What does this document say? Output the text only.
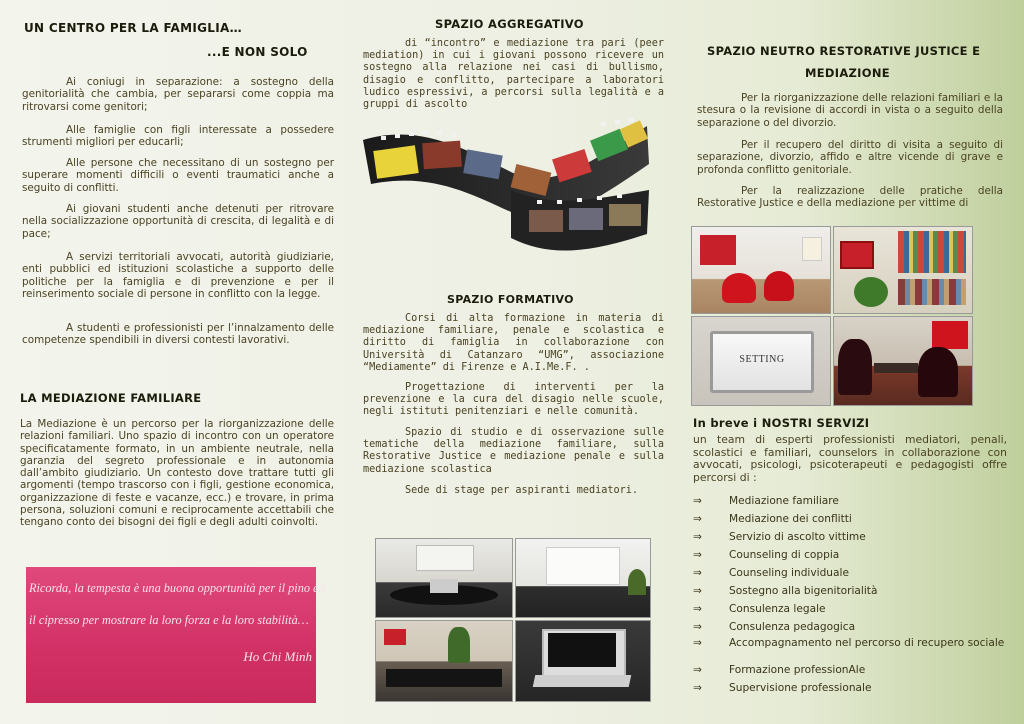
UN CENTRO PER LA FAMIGLIA…
...E NON SOLO
Ai coniugi in separazione: a sostegno della genitorialità che cambia, per separarsi come coppia ma ritrovarsi come genitori;
Alle famiglie con figli interessate a possedere strumenti migliori per educarli;
Alle persone che necessitano di un sostegno per superare momenti difficili o eventi traumatici anche a seguito di conflitti.
Ai giovani studenti anche detenuti per ritrovare nella socializzazione opportunità di crescita, di legalità e di pace;
A servizi territoriali avvocati, autorità giudiziarie, enti pubblici ed istituzioni scolastiche a supporto delle politiche per la famiglia e di prevenzione e per il reinserimento sociale di persone in conflitto con la legge.
A studenti e professionisti per l’innalzamento delle competenze spendibili in diversi contesti lavorativi.
LA MEDIAZIONE FAMILIARE
La Mediazione è un percorso per la riorganizzazione delle relazioni familiari. Uno spazio di incontro con un operatore specificatamente formato, in un ambiente neutrale, nella garanzia del segreto professionale e in autonomia dall’ambito giudiziario. Un contesto dove trattare tutti gli argomenti (tempo trascorso con i figli, gestione economica, organizzazione di feste e vacanze, ecc.) e trovare, in prima persona, soluzioni comuni e reciprocamente accettabili che tengano conto dei bisogni dei figli e degli adulti coinvolti.
Ricorda, la tempesta è una buona opportunità per il pino ed
il cipresso per mostrare la loro forza e la loro stabilità…
Ho Chi Minh
SPAZIO AGGREGATIVO
di “incontro” e mediazione tra pari (peer mediation) in cui i giovani possono ricevere un sostegno alla relazione nei casi di bullismo, disagio e conflitto, partecipare a laboratori ludico espressivi, a percorsi sulla legalità e a gruppi di ascolto
SPAZIO FORMATIVO
Corsi di alta formazione in materia di mediazione familiare, penale e scolastica e diritto di famiglia in collaborazione con Università di Catanzaro “UMG”, associazione “Mediamente” di Firenze e A.I.Me.F. .
Progettazione di interventi per la prevenzione e la cura del disagio nelle scuole, negli istituti penitenziari e nelle comunità.
Spazio di studio e di osservazione sulle tematiche della mediazione familiare, sulla Restorative Justice e mediazione penale e sulla mediazione scolastica
Sede di stage per aspiranti mediatori.
SPAZIO NEUTRO RESTORATIVE JUSTICE E
MEDIAZIONE
Per la riorganizzazione delle relazioni familiari e la stesura o la revisione di accordi in vista o a seguito della separazione o del divorzio.
Per il recupero del diritto di visita a seguito di separazione, divorzio, affido e altre vicende di grave e profonda conflitto genitoriale.
Per la realizzazione delle pratiche della Restorative Justice e della mediazione per vittime di
SETTING
In breve i NOSTRI SERVIZI
un team di esperti professionisti mediatori, penali, scolastici e familiari, counselors in collaborazione con avvocati, psicologi, psicoterapeuti e pedagogisti offre percorsi di :
⇒	Mediazione familiare
⇒	Mediazione dei conflitti
⇒	Servizio di ascolto vittime
⇒	Counseling di coppia
⇒	Counseling individuale
⇒	Sostegno alla bigenitorialità
⇒	Consulenza legale
⇒	Consulenza pedagogica
⇒	Accompagnamento nel percorso di recupero sociale
⇒	Formazione professionAle
⇒	Supervisione professionale
